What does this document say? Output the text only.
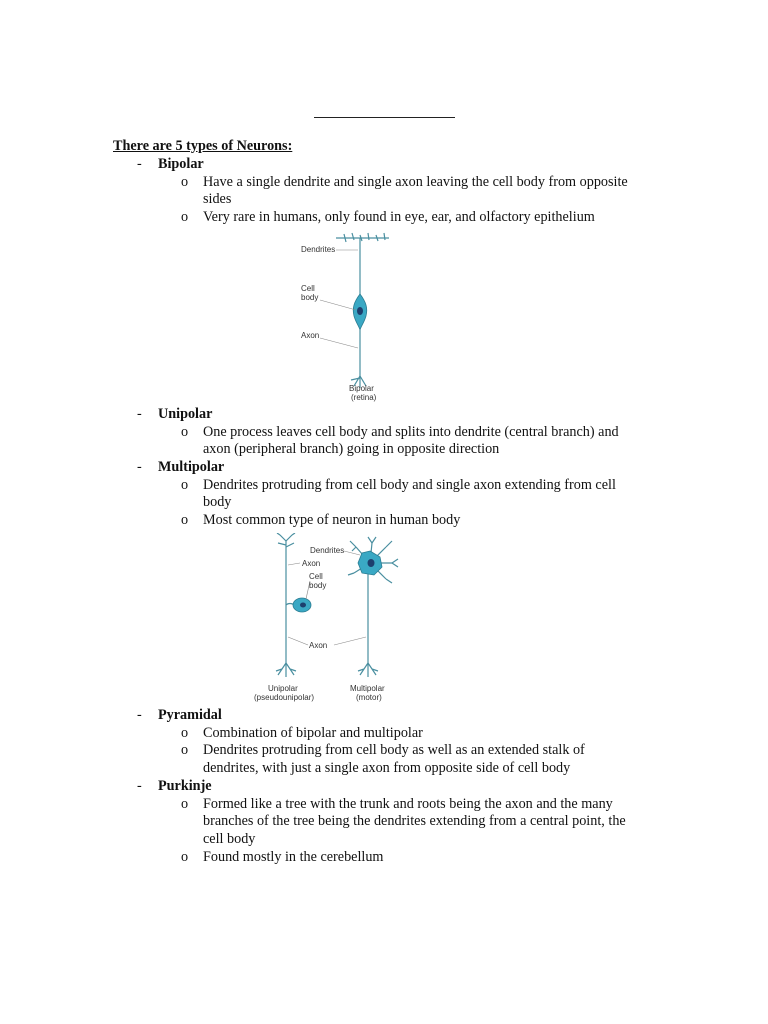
There are 5 types of Neurons:
- Bipolar
o Have a single dendrite and single axon leaving the cell body from opposite
sides
o Very rare in humans, only found in eye, ear, and olfactory epithelium
Dendrites
Cell
body
Axon
Bipolar
(retina)
- Unipolar
o One process leaves cell body and splits into dendrite (central branch) and
axon (peripheral branch) going in opposite direction
- Multipolar
o Dendrites protruding from cell body and single axon extending from cell
body
o Most common type of neuron in human body
Dendrites
Axon
Cell
body
Axon
Unipolar
(pseudounipolar)
Multipolar
(motor)
- Pyramidal
o Combination of bipolar and multipolar
o Dendrites protruding from cell body as well as an extended stalk of
dendrites, with just a single axon from opposite side of cell body
- Purkinje
o Formed like a tree with the trunk and roots being the axon and the many
branches of the tree being the dendrites extending from a central point, the
cell body
o Found mostly in the cerebellum
